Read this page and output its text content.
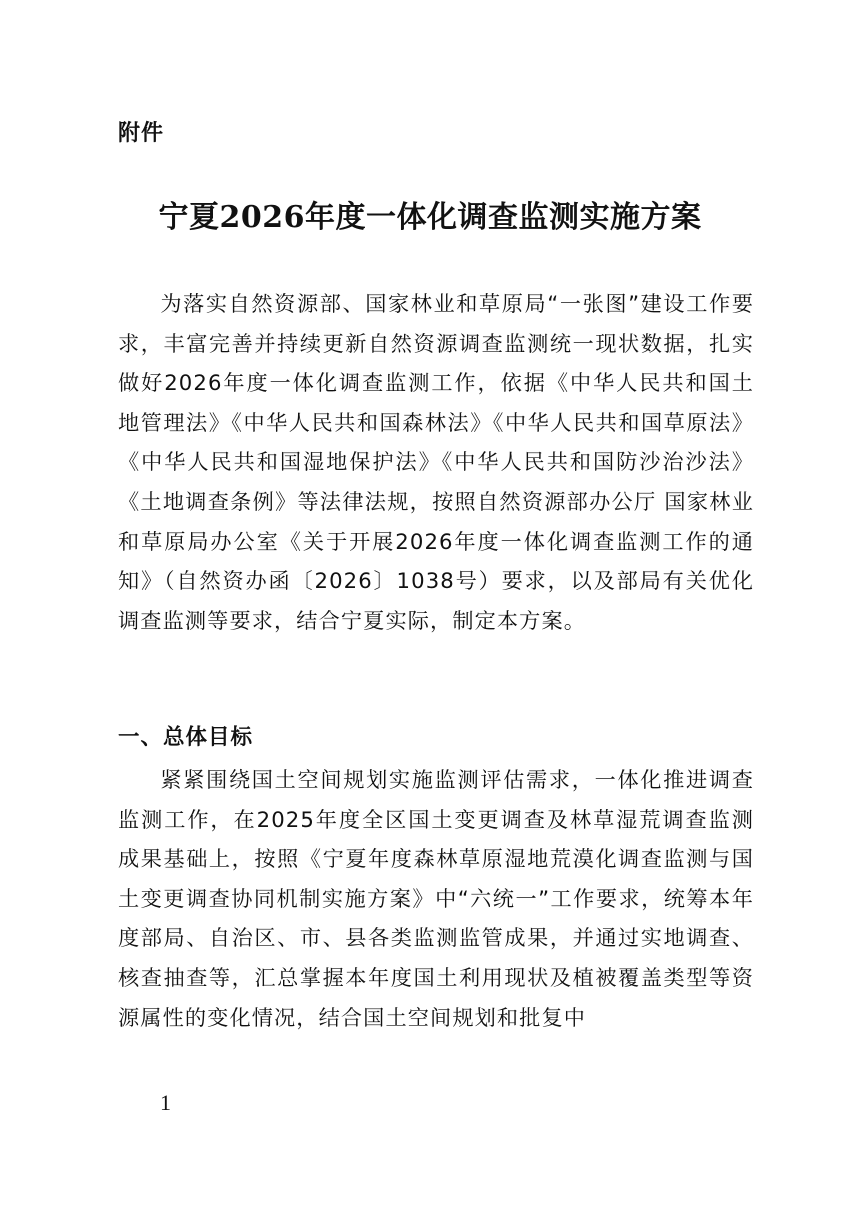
附件
宁夏2026年度一体化调查监测实施方案

为落实自然资源部、国家林业和草原局“一张图”建设工作要求，丰富完善并持续更新自然资源调查监测统一现状数据，扎实做好2026年度一体化调查监测工作，依据《中华人民共和国土地管理法》《中华人民共和国森林法》《中华人民共和国草原法》《中华人民共和国湿地保护法》《中华人民共和国防沙治沙法》《土地调查条例》等法律法规，按照自然资源部办公厅 国家林业和草原局办公室《关于开展2026年度一体化调查监测工作的通知》（自然资办函〔2026〕1038号）要求，以及部局有关优化调查监测等要求，结合宁夏实际，制定本方案。

一、总体目标

紧紧围绕国土空间规划实施监测评估需求，一体化推进调查监测工作，在2025年度全区国土变更调查及林草湿荒调查监测成果基础上，按照《宁夏年度森林草原湿地荒漠化调查监测与国土变更调查协同机制实施方案》中“六统一”工作要求，统筹本年度部局、自治区、市、县各类监测监管成果，并通过实地调查、核查抽查等，汇总掌握本年度国土利用现状及植被覆盖类型等资源属性的变化情况，结合国土空间规划和批复中

1
